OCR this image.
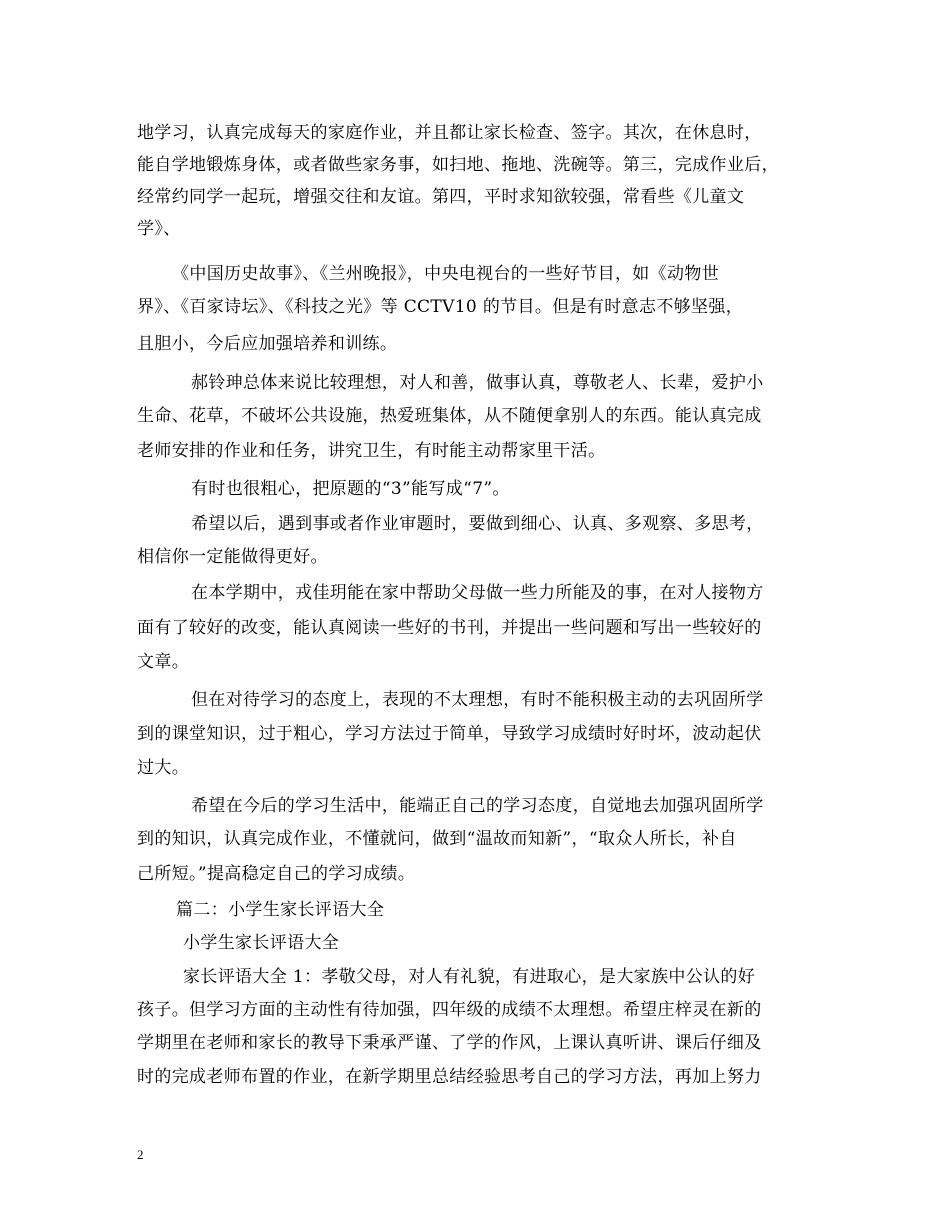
地学习，认真完成每天的家庭作业，并且都让家长检查、签字。其次，在休息时，
能自学地锻炼身体，或者做些家务事，如扫地、拖地、洗碗等。第三，完成作业后，
经常约同学一起玩，增强交往和友谊。第四，平时求知欲较强，常看些《儿童文
学》、
《中国历史故事》、《兰州晚报》，中央电视台的一些好节目，如《动物世
界》、《百家诗坛》、《科技之光》等 CCTV10 的节目。但是有时意志不够坚强，
且胆小，今后应加强培养和训练。
郝铃珅总体来说比较理想，对人和善，做事认真，尊敬老人、长辈，爱护小
生命、花草，不破坏公共设施，热爱班集体，从不随便拿别人的东西。能认真完成
老师安排的作业和任务，讲究卫生，有时能主动帮家里干活。
有时也很粗心，把原题的“3”能写成“7”。
希望以后，遇到事或者作业审题时，要做到细心、认真、多观察、多思考，
相信你一定能做得更好。
在本学期中，戎佳玥能在家中帮助父母做一些力所能及的事，在对人接物方
面有了较好的改变，能认真阅读一些好的书刊，并提出一些问题和写出一些较好的
文章。
但在对待学习的态度上，表现的不太理想，有时不能积极主动的去巩固所学
到的课堂知识，过于粗心，学习方法过于简单，导致学习成绩时好时坏，波动起伏
过大。
希望在今后的学习生活中，能端正自己的学习态度，自觉地去加强巩固所学
到的知识，认真完成作业，不懂就问，做到“温故而知新”，“取众人所长，补自
己所短。”提高稳定自己的学习成绩。
篇二：小学生家长评语大全
小学生家长评语大全
家长评语大全 1：孝敬父母，对人有礼貌，有进取心，是大家族中公认的好
孩子。但学习方面的主动性有待加强，四年级的成绩不太理想。希望庄梓灵在新的
学期里在老师和家长的教导下秉承严谨、了学的作风，上课认真听讲、课后仔细及
时的完成老师布置的作业，在新学期里总结经验思考自己的学习方法，再加上努力
2
